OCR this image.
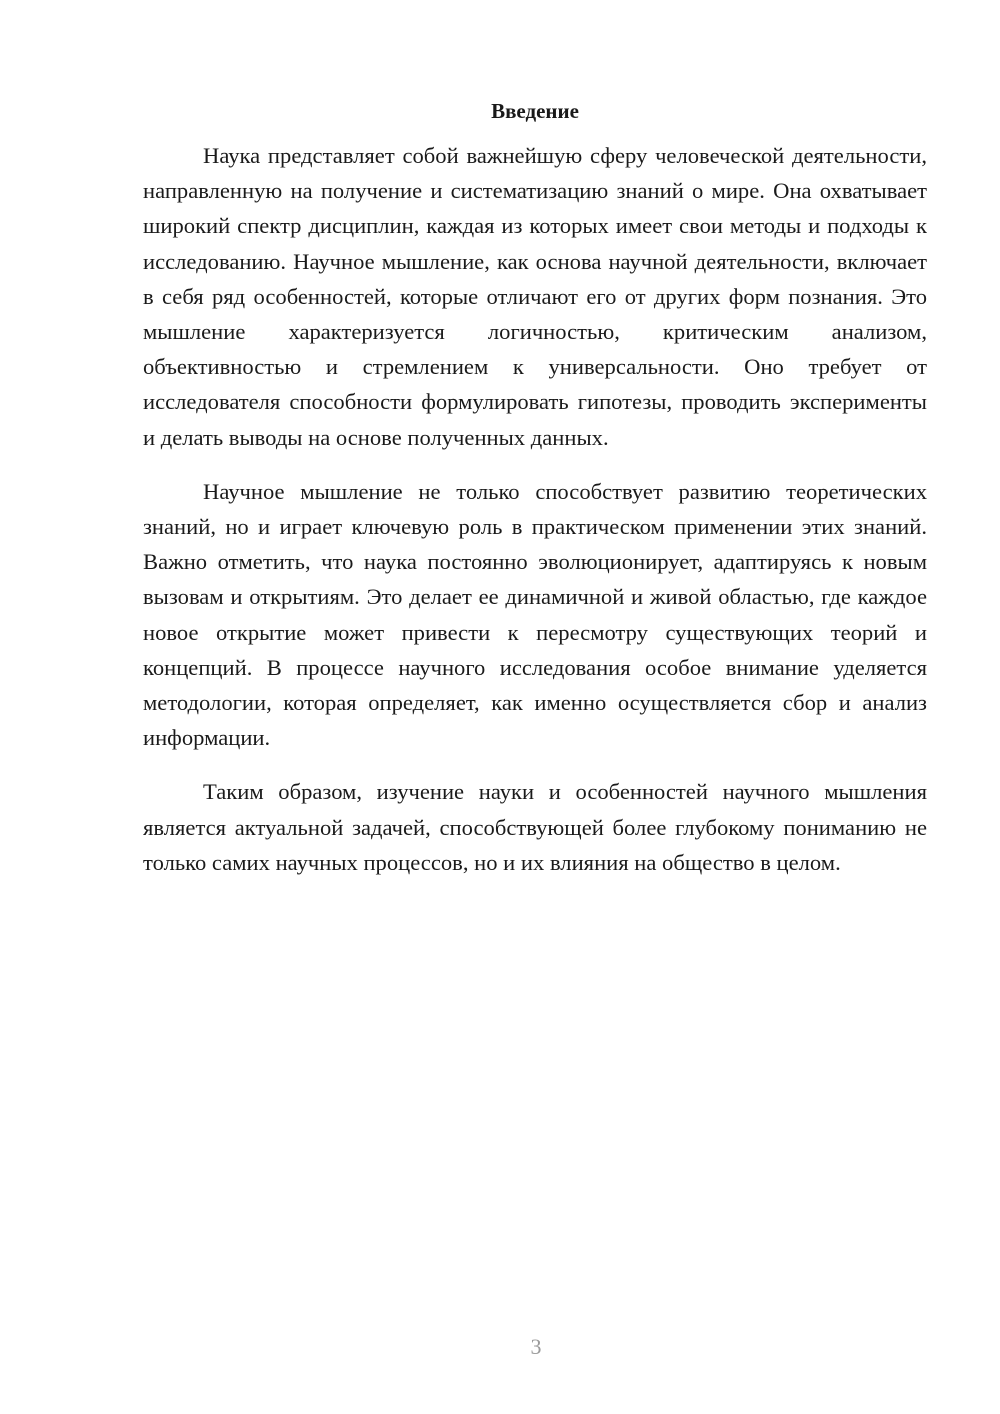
Введение

Наука представляет собой важнейшую сферу человеческой деятельности, направленную на получение и систематизацию знаний о мире. Она охватывает широкий спектр дисциплин, каждая из которых имеет свои методы и подходы к исследованию. Научное мышление, как основа научной деятельности, включает в себя ряд особенностей, которые отличают его от других форм познания. Это мышление характеризуется логичностью, критическим анализом, объективностью и стремлением к универсальности. Оно требует от исследователя способности формулировать гипотезы, проводить эксперименты и делать выводы на основе полученных данных.

Научное мышление не только способствует развитию теоретических знаний, но и играет ключевую роль в практическом применении этих знаний. Важно отметить, что наука постоянно эволюционирует, адаптируясь к новым вызовам и открытиям. Это делает ее динамичной и живой областью, где каждое новое открытие может привести к пересмотру существующих теорий и концепций. В процессе научного исследования особое внимание уделяется методологии, которая определяет, как именно осуществляется сбор и анализ информации.

Таким образом, изучение науки и особенностей научного мышления является актуальной задачей, способствующей более глубокому пониманию не только самих научных процессов, но и их влияния на общество в целом.

3
